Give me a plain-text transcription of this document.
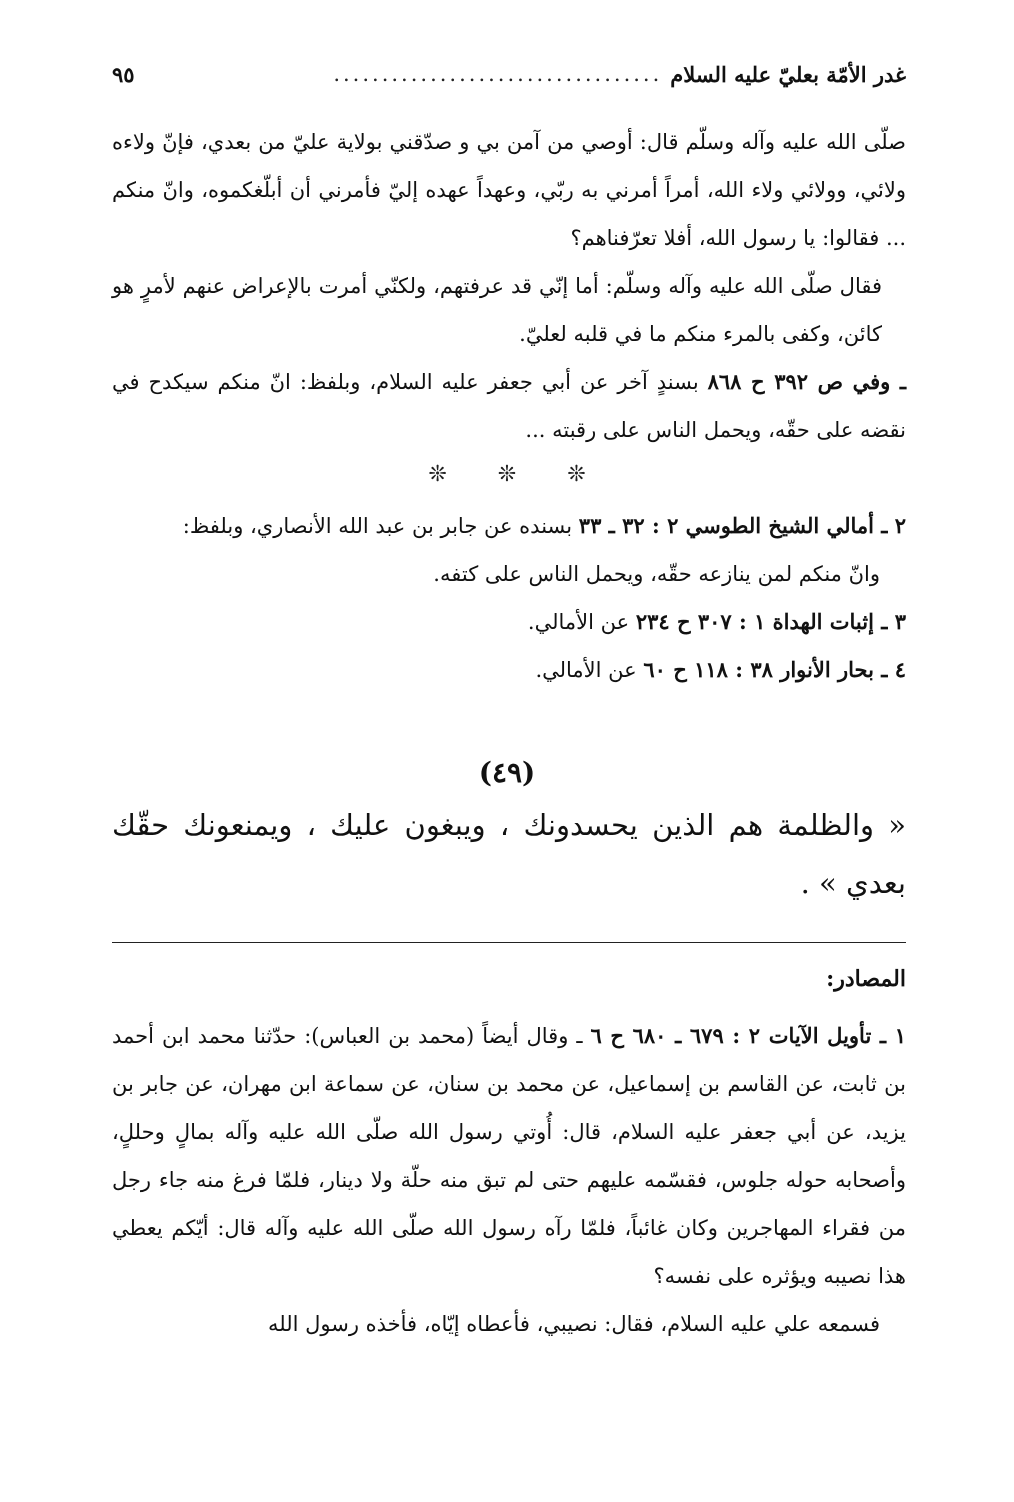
غدر الأمّة بعليّ عليه السلام
..................................
٩٥
صلّى الله عليه وآله وسلّم قال: أوصي من آمن بي و صدّقني بولاية عليّ من بعدي، فإنّ ولاءه ولائي، وولائي ولاء الله، أمراً أمرني به ربّي، وعهداً عهده إليّ فأمرني أن أبلّغكموه، وانّ منكم ... فقالوا: يا رسول الله، أفلا تعرّفناهم؟
فقال صلّى الله عليه وآله وسلّم: أما إنّي قد عرفتهم، ولكنّي أمرت بالإعراض عنهم لأمرٍ هو كائن، وكفى بالمرء منكم ما في قلبه لعليّ.
ـ وفي ص ٣٩٢ ح ٨٦٨ بسندٍ آخر عن أبي جعفر عليه السلام، وبلفظ: انّ منكم سيكدح في نقضه على حقّه، ويحمل الناس على رقبته ...
❊ ❊ ❊
٢ ـ أمالي الشيخ الطوسي ٢ : ٣٢ ـ ٣٣ بسنده عن جابر بن عبد الله الأنصاري، وبلفظ:
وانّ منكم لمن ينازعه حقّه، ويحمل الناس على كتفه.
٣ ـ إثبات الهداة ١ : ٣٠٧ ح ٢٣٤ عن الأمالي.
٤ ـ بحار الأنوار ٣٨ : ١١٨ ح ٦٠ عن الأمالي.
(٤٩)
« والظلمة هم الذين يحسدونك ، ويبغون عليك ، ويمنعونك حقّك بعدي » .
المصادر:
١ ـ تأويل الآيات ٢ : ٦٧٩ ـ ٦٨٠ ح ٦ ـ وقال أيضاً (محمد بن العباس): حدّثنا محمد ابن أحمد بن ثابت، عن القاسم بن إسماعيل، عن محمد بن سنان، عن سماعة ابن مهران، عن جابر بن يزيد، عن أبي جعفر عليه السلام، قال: أُوتي رسول الله صلّى الله عليه وآله بمالٍ وحللٍ، وأصحابه حوله جلوس، فقسّمه عليهم حتى لم تبق منه حلّة ولا دينار، فلمّا فرغ منه جاء رجل من فقراء المهاجرين وكان غائباً، فلمّا رآه رسول الله صلّى الله عليه وآله قال: أيّكم يعطي هذا نصيبه ويؤثره على نفسه؟
فسمعه علي عليه السلام، فقال: نصيبي، فأعطاه إيّاه، فأخذه رسول الله
